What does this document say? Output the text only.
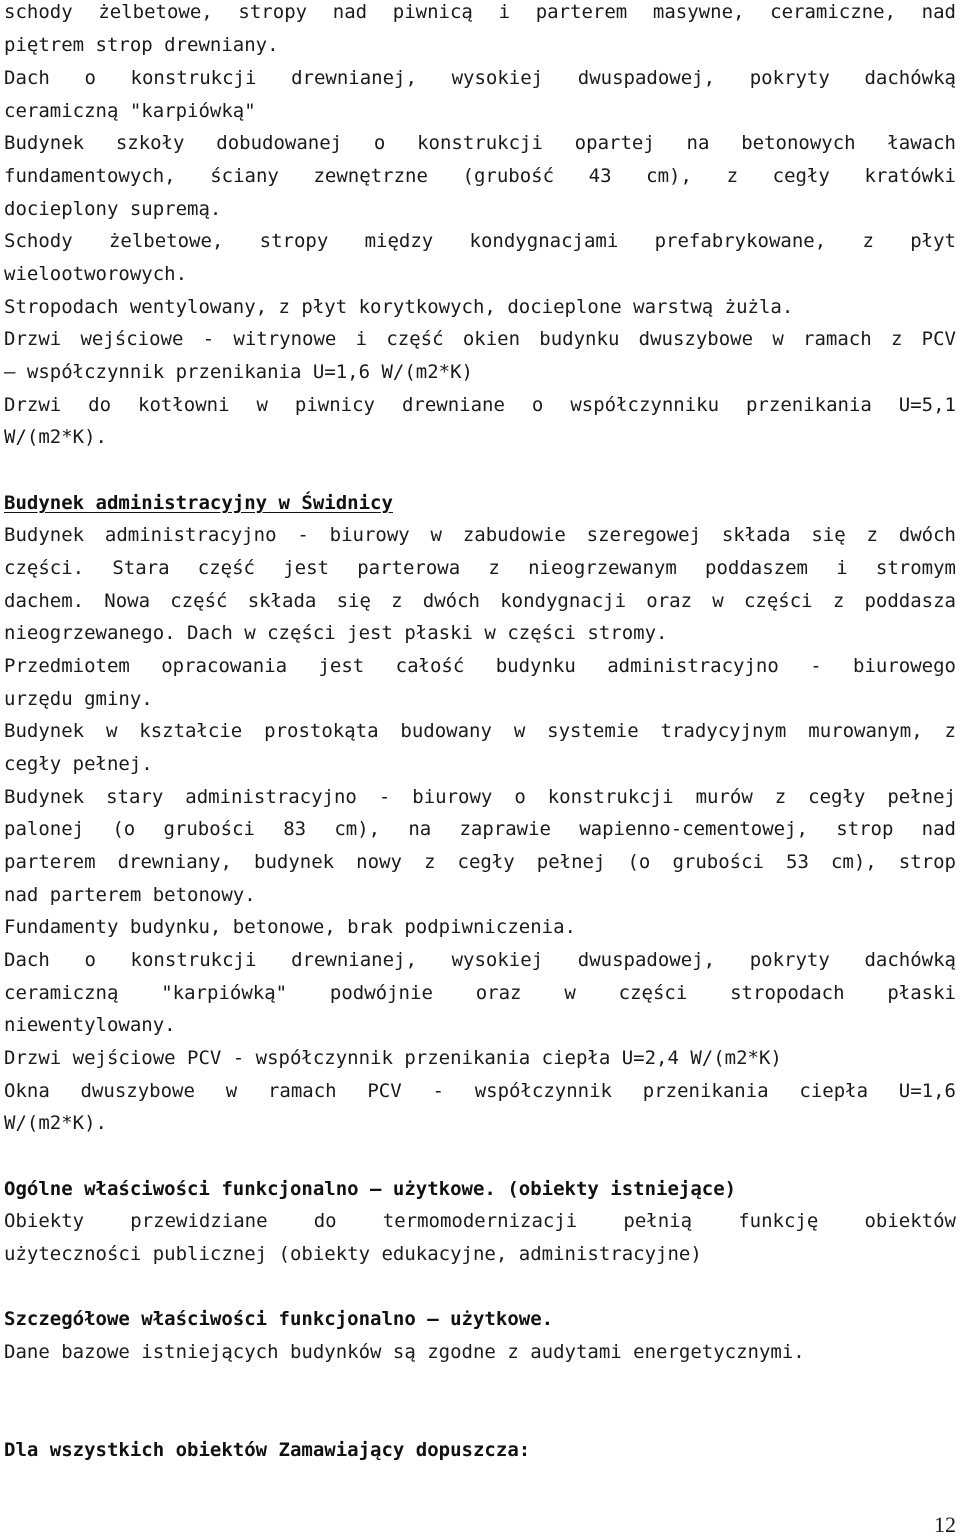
schody żelbetowe, stropy nad piwnicą i parterem masywne, ceramiczne, nad
piętrem strop drewniany.
Dach o konstrukcji drewnianej, wysokiej dwuspadowej, pokryty dachówką
ceramiczną "karpiówką"
Budynek szkoły dobudowanej o konstrukcji opartej na betonowych ławach
fundamentowych, ściany zewnętrzne (grubość 43 cm), z cegły kratówki
docieplony supremą.
Schody żelbetowe, stropy między kondygnacjami prefabrykowane, z płyt
wielootworowych.
Stropodach wentylowany, z płyt korytkowych, docieplone warstwą żużla.
Drzwi wejściowe - witrynowe i część okien budynku dwuszybowe w ramach z PCV
– współczynnik przenikania U=1,6 W/(m2*K)
Drzwi do kotłowni w piwnicy drewniane o współczynniku przenikania U=5,1
W/(m2*K).
Budynek administracyjny w Świdnicy
Budynek administracyjno - biurowy w zabudowie szeregowej składa się z dwóch
części. Stara część jest parterowa z nieogrzewanym poddaszem i stromym
dachem. Nowa część składa się z dwóch kondygnacji oraz w części z poddasza
nieogrzewanego. Dach w części jest płaski w części stromy.
Przedmiotem opracowania jest całość budynku administracyjno - biurowego
urzędu gminy.
Budynek w kształcie prostokąta budowany w systemie tradycyjnym murowanym, z
cegły pełnej.
Budynek stary administracyjno - biurowy o konstrukcji murów z cegły pełnej
palonej (o grubości 83 cm), na zaprawie wapienno-cementowej, strop nad
parterem drewniany, budynek nowy z cegły pełnej (o grubości 53 cm), strop
nad parterem betonowy.
Fundamenty budynku, betonowe, brak podpiwniczenia.
Dach o konstrukcji drewnianej, wysokiej dwuspadowej, pokryty dachówką
ceramiczną "karpiówką" podwójnie oraz w części stropodach płaski
niewentylowany.
Drzwi wejściowe PCV - współczynnik przenikania ciepła U=2,4 W/(m2*K)
Okna dwuszybowe w ramach PCV - współczynnik przenikania ciepła U=1,6
W/(m2*K).
Ogólne właściwości funkcjonalno – użytkowe. (obiekty istniejące)
Obiekty przewidziane do termomodernizacji pełnią funkcję obiektów
użyteczności publicznej (obiekty edukacyjne, administracyjne)
Szczegółowe właściwości funkcjonalno – użytkowe.
Dane bazowe istniejących budynków są zgodne z audytami energetycznymi.
Dla wszystkich obiektów Zamawiający dopuszcza:
12
